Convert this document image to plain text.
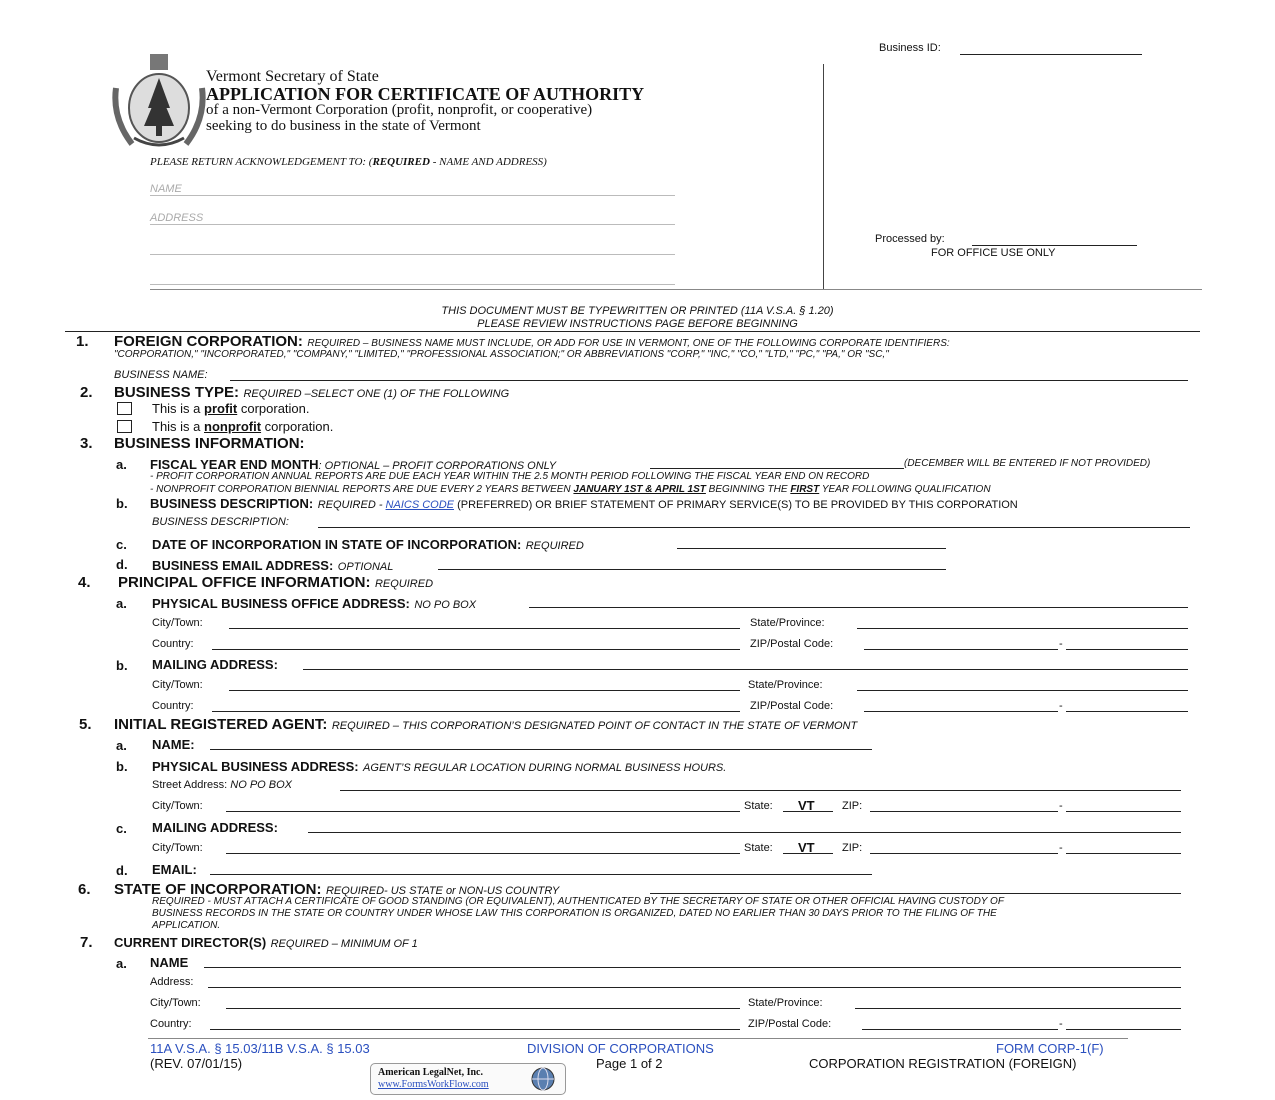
Business ID:
Vermont Secretary of State
APPLICATION FOR CERTIFICATE OF AUTHORITY
of a non-Vermont Corporation (profit, nonprofit, or cooperative)
seeking to do business in the state of Vermont
PLEASE RETURN ACKNOWLEDGEMENT TO: (REQUIRED - NAME AND ADDRESS)
NAME
ADDRESS
Processed by:
FOR OFFICE USE ONLY
THIS DOCUMENT MUST BE TYPEWRITTEN OR PRINTED (11A V.S.A. § 1.20)
PLEASE REVIEW INSTRUCTIONS PAGE BEFORE BEGINNING
1. FOREIGN CORPORATION: REQUIRED – BUSINESS NAME MUST INCLUDE, OR ADD FOR USE IN VERMONT, ONE OF THE FOLLOWING CORPORATE IDENTIFIERS:
"CORPORATION," "INCORPORATED," "COMPANY," "LIMITED," "PROFESSIONAL ASSOCIATION;" OR ABBREVIATIONS "CORP," "INC," "CO," "LTD," "PC," "PA," OR "SC,"
BUSINESS NAME:
2. BUSINESS TYPE: REQUIRED –SELECT ONE (1) OF THE FOLLOWING
This is a profit corporation.
This is a nonprofit corporation.
3. BUSINESS INFORMATION:
a. FISCAL YEAR END MONTH: OPTIONAL – PROFIT CORPORATIONS ONLY	(DECEMBER WILL BE ENTERED IF NOT PROVIDED)
- PROFIT CORPORATION ANNUAL REPORTS ARE DUE EACH YEAR WITHIN THE 2.5 MONTH PERIOD FOLLOWING THE FISCAL YEAR END ON RECORD
- NONPROFIT CORPORATION BIENNIAL REPORTS ARE DUE EVERY 2 YEARS BETWEEN JANUARY 1ST & APRIL 1ST BEGINNING THE FIRST YEAR FOLLOWING QUALIFICATION
b. BUSINESS DESCRIPTION: REQUIRED - NAICS CODE (PREFERRED) OR BRIEF STATEMENT OF PRIMARY SERVICE(S) TO BE PROVIDED BY THIS CORPORATION
BUSINESS DESCRIPTION:
c. DATE OF INCORPORATION IN STATE OF INCORPORATION: REQUIRED
d. BUSINESS EMAIL ADDRESS: OPTIONAL
4. PRINCIPAL OFFICE INFORMATION: REQUIRED
a. PHYSICAL BUSINESS OFFICE ADDRESS: NO PO BOX
City/Town:	State/Province:
Country:	ZIP/Postal Code:	-
b. MAILING ADDRESS:
City/Town:	State/Province:
Country:	ZIP/Postal Code:	-
5. INITIAL REGISTERED AGENT: REQUIRED – THIS CORPORATION’S DESIGNATED POINT OF CONTACT IN THE STATE OF VERMONT
a. NAME:
b. PHYSICAL BUSINESS ADDRESS: AGENT’S REGULAR LOCATION DURING NORMAL BUSINESS HOURS.
Street Address: NO PO BOX
City/Town:	State: VT ZIP:	-
c. MAILING ADDRESS:
City/Town:	State: VT ZIP:	-
d. EMAIL:
6. STATE OF INCORPORATION: REQUIRED- US STATE or NON-US COUNTRY
REQUIRED - MUST ATTACH A CERTIFICATE OF GOOD STANDING (OR EQUIVALENT), AUTHENTICATED BY THE SECRETARY OF STATE OR OTHER OFFICIAL HAVING CUSTODY OF
BUSINESS RECORDS IN THE STATE OR COUNTRY UNDER WHOSE LAW THIS CORPORATION IS ORGANIZED, DATED NO EARLIER THAN 30 DAYS PRIOR TO THE FILING OF THE
APPLICATION.
7. CURRENT DIRECTOR(S) REQUIRED – MINIMUM OF 1
a. NAME
Address:
City/Town:	State/Province:
Country:	ZIP/Postal Code:	-
11A V.S.A. § 15.03/11B V.S.A. § 15.03	DIVISION OF CORPORATIONS	FORM CORP-1(F)
(REV. 07/01/15)	Page 1 of 2	CORPORATION REGISTRATION (FOREIGN)
American LegalNet, Inc.
www.FormsWorkFlow.com
